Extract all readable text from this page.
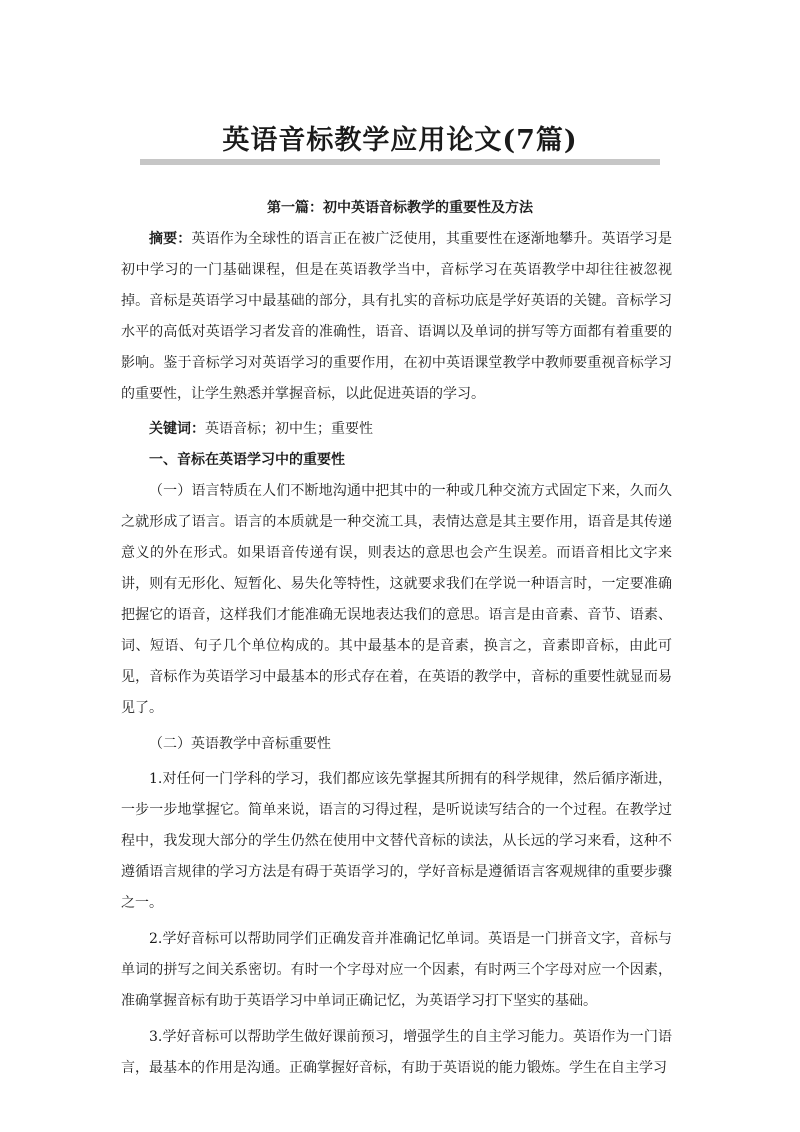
英语音标教学应用论文(7篇)
第一篇：初中英语音标教学的重要性及方法

摘要：英语作为全球性的语言正在被广泛使用，其重要性在逐渐地攀升。英语学习是初中学习的一门基础课程，但是在英语教学当中，音标学习在英语教学中却往往被忽视掉。音标是英语学习中最基础的部分，具有扎实的音标功底是学好英语的关键。音标学习水平的高低对英语学习者发音的准确性，语音、语调以及单词的拼写等方面都有着重要的影响。鉴于音标学习对英语学习的重要作用，在初中英语课堂教学中教师要重视音标学习的重要性，让学生熟悉并掌握音标，以此促进英语的学习。

关键词：英语音标；初中生；重要性

一、音标在英语学习中的重要性

（一）语言特质在人们不断地沟通中把其中的一种或几种交流方式固定下来，久而久之就形成了语言。语言的本质就是一种交流工具，表情达意是其主要作用，语音是其传递意义的外在形式。如果语音传递有误，则表达的意思也会产生误差。而语音相比文字来讲，则有无形化、短暂化、易失化等特性，这就要求我们在学说一种语言时，一定要准确把握它的语音，这样我们才能准确无误地表达我们的意思。语言是由音素、音节、语素、词、短语、句子几个单位构成的。其中最基本的是音素，换言之，音素即音标，由此可见，音标作为英语学习中最基本的形式存在着，在英语的教学中，音标的重要性就显而易见了。

（二）英语教学中音标重要性

1.对任何一门学科的学习，我们都应该先掌握其所拥有的科学规律，然后循序渐进，一步一步地掌握它。简单来说，语言的习得过程，是听说读写结合的一个过程。在教学过程中，我发现大部分的学生仍然在使用中文替代音标的读法，从长远的学习来看，这种不遵循语言规律的学习方法是有碍于英语学习的，学好音标是遵循语言客观规律的重要步骤之一。

2.学好音标可以帮助同学们正确发音并准确记忆单词。英语是一门拼音文字，音标与单词的拼写之间关系密切。有时一个字母对应一个因素，有时两三个字母对应一个因素，准确掌握音标有助于英语学习中单词正确记忆，为英语学习打下坚实的基础。

3.学好音标可以帮助学生做好课前预习，增强学生的自主学习能力。英语作为一门语言，最基本的作用是沟通。正确掌握好音标，有助于英语说的能力锻炼。学生在自主学习
